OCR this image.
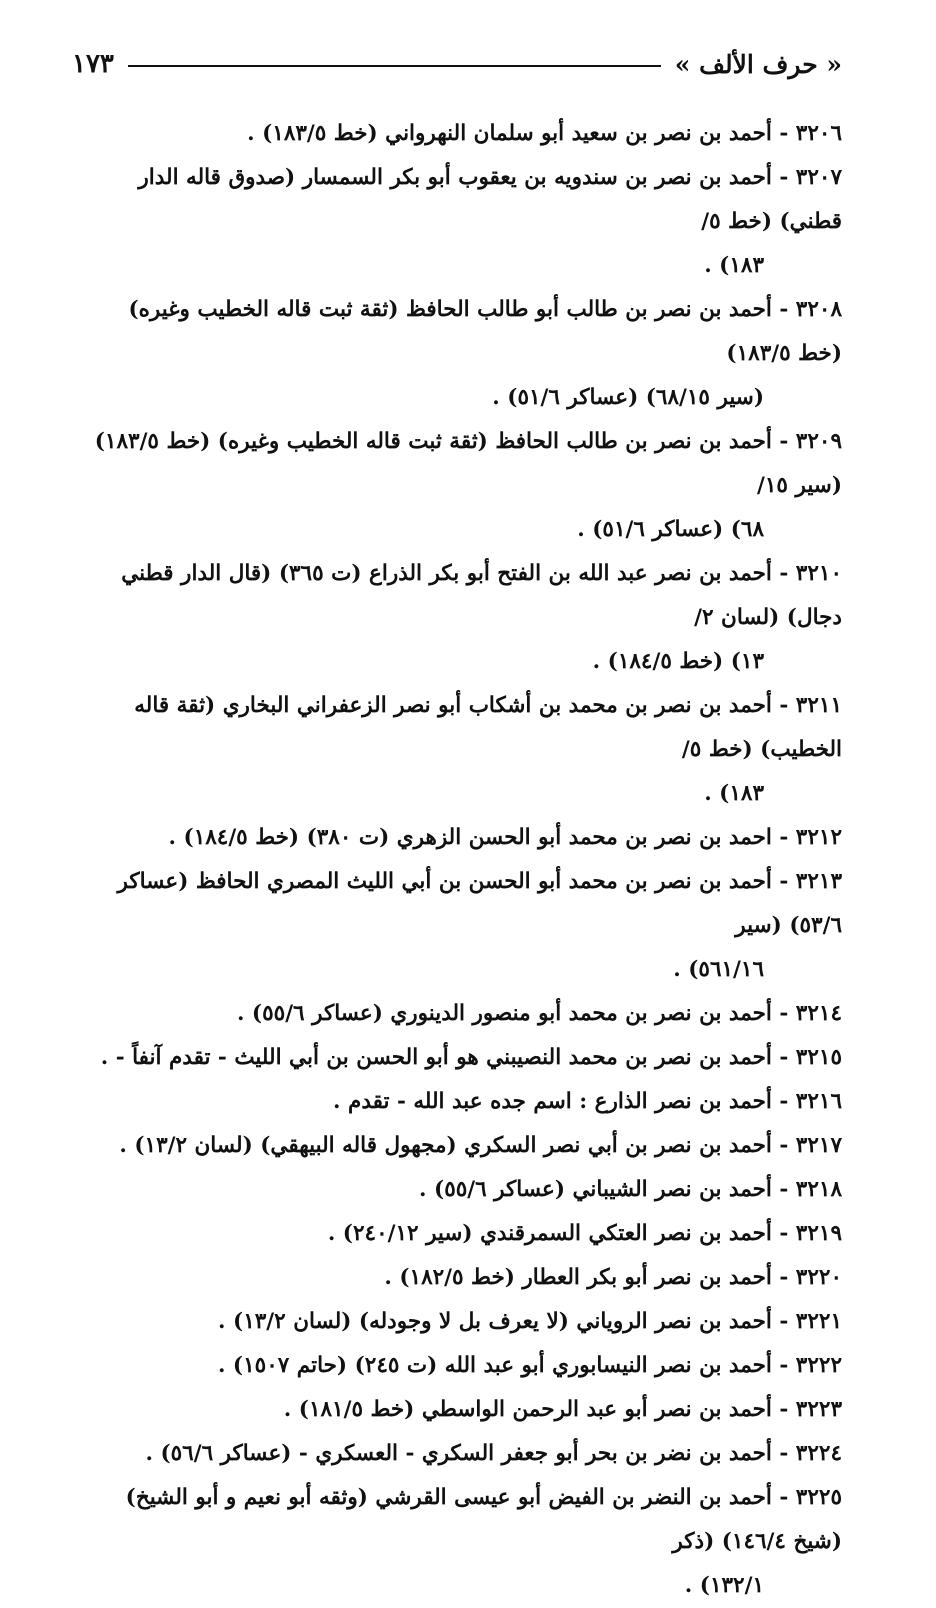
« حرف الألف »
١٧٣

٣٢٠٦ - أحمد بن نصر بن سعيد أبو سلمان النهرواني (خط ١٨٣/٥) .

٣٢٠٧ - أحمد بن نصر بن سندويه بن يعقوب أبو بكر السمسار (صدوق قاله الدار قطني) (خط ٥/
١٨٣) .

٣٢٠٨ - أحمد بن نصر بن طالب أبو طالب الحافظ (ثقة ثبت قاله الخطيب وغيره) (خط ١٨٣/٥)
(سير ٦٨/١٥) (عساكر ٥١/٦) .

٣٢٠٩ - أحمد بن نصر بن طالب الحافظ (ثقة ثبت قاله الخطيب وغيره) (خط ١٨٣/٥) (سير ١٥/
٦٨) (عساكر ٥١/٦) .

٣٢١٠ - أحمد بن نصر عبد الله بن الفتح أبو بكر الذراع (ت ٣٦٥) (قال الدار قطني دجال) (لسان ٢/
١٣) (خط ١٨٤/٥) .

٣٢١١ - أحمد بن نصر بن محمد بن أشكاب أبو نصر الزعفراني البخاري (ثقة قاله الخطيب) (خط ٥/
١٨٣) .

٣٢١٢ - احمد بن نصر بن محمد أبو الحسن الزهري (ت ٣٨٠) (خط ١٨٤/٥) .

٣٢١٣ - أحمد بن نصر بن محمد أبو الحسن بن أبي الليث المصري الحافظ (عساكر ٥٣/٦) (سير
٥٦١/١٦) .

٣٢١٤ - أحمد بن نصر بن محمد أبو منصور الدينوري (عساكر ٥٥/٦) .

٣٢١٥ - أحمد بن نصر بن محمد النصيبني هو أبو الحسن بن أبي الليث - تقدم آنفاً - .

٣٢١٦ - أحمد بن نصر الذارع : اسم جده عبد الله - تقدم .

٣٢١٧ - أحمد بن نصر بن أبي نصر السكري (مجهول قاله البيهقي) (لسان ١٣/٢) .

٣٢١٨ - أحمد بن نصر الشيباني (عساكر ٥٥/٦) .

٣٢١٩ - أحمد بن نصر العتكي السمرقندي (سير ٢٤٠/١٢) .

٣٢٢٠ - أحمد بن نصر أبو بكر العطار (خط ١٨٢/٥) .

٣٢٢١ - أحمد بن نصر الروياني (لا يعرف بل لا وجودله) (لسان ١٣/٢) .

٣٢٢٢ - أحمد بن نصر النيسابوري أبو عبد الله (ت ٢٤٥) (حاتم ١٥٠٧) .

٣٢٢٣ - أحمد بن نصر أبو عبد الرحمن الواسطي (خط ١٨١/٥) .

٣٢٢٤ - أحمد بن نضر بن بحر أبو جعفر السكري - العسكري - (عساكر ٥٦/٦) .

٣٢٢٥ - أحمد بن النضر بن الفيض أبو عيسى القرشي (وثقه أبو نعيم و أبو الشيخ) (شيخ ١٤٦/٤) (ذكر
١٣٢/١) .
